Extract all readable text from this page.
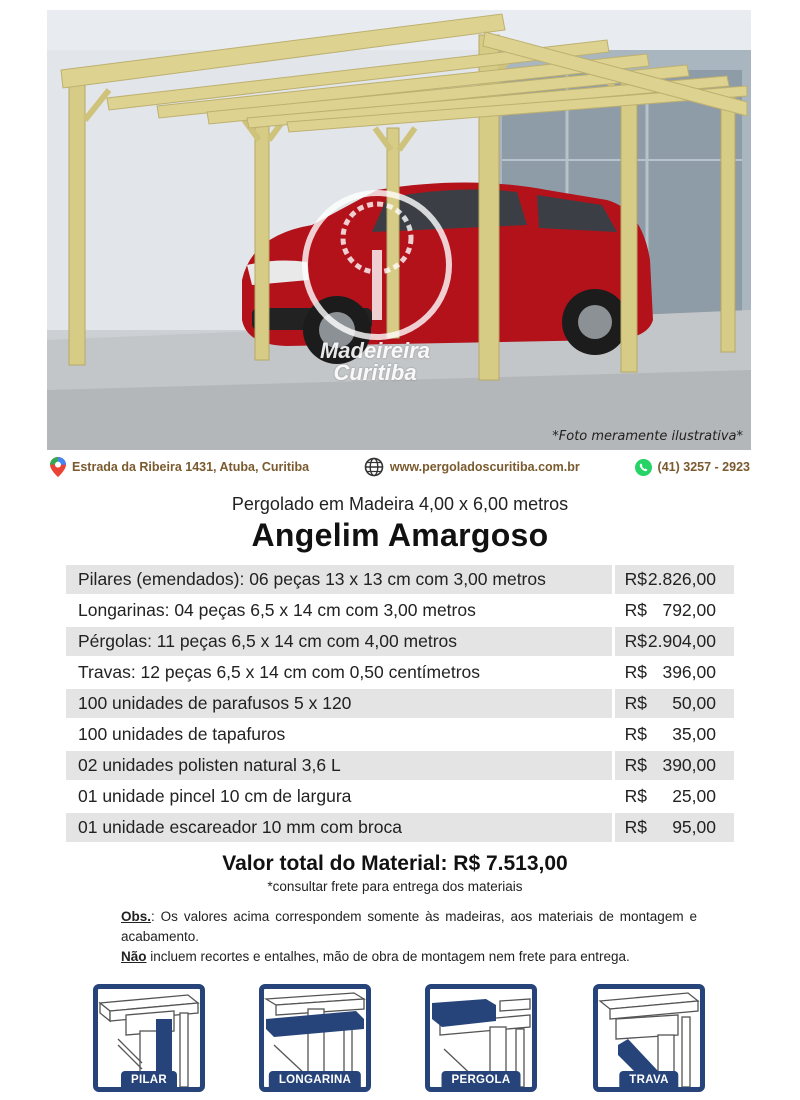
Madeireira
Curitiba
*Foto meramente ilustrativa*
Estrada da Ribeira 1431, Atuba, Curitiba	www.pergoladoscuritiba.com.br	(41) 3257 - 2923
Pergolado em Madeira 4,00 x 6,00 metros
Angelim Amargoso
Pilares (emendados): 06 peças 13 x 13 cm com 3,00 metros	R$ 2.826,00

Longarinas: 04 peças 6,5 x 14 cm com 3,00 metros	R$ 792,00

Pérgolas: 11 peças 6,5 x 14 cm com 4,00 metros	R$ 2.904,00

Travas: 12 peças 6,5 x 14 cm com 0,50 centímetros	R$ 396,00

100 unidades de parafusos 5 x 120	R$ 50,00

100 unidades de tapafuros	R$ 35,00

02 unidades polisten natural 3,6 L	R$ 390,00

01 unidade pincel 10 cm de largura	R$ 25,00

01 unidade escareador 10 mm com broca	R$ 95,00
Valor total do Material: R$ 7.513,00
*consultar frete para entrega dos materiais
Obs.: Os valores acima correspondem somente às madeiras, aos materiais de montagem e acabamento.
Não incluem recortes e entalhes, mão de obra de montagem nem frete para entrega.
PILAR	LONGARINA	PERGOLA	TRAVA
